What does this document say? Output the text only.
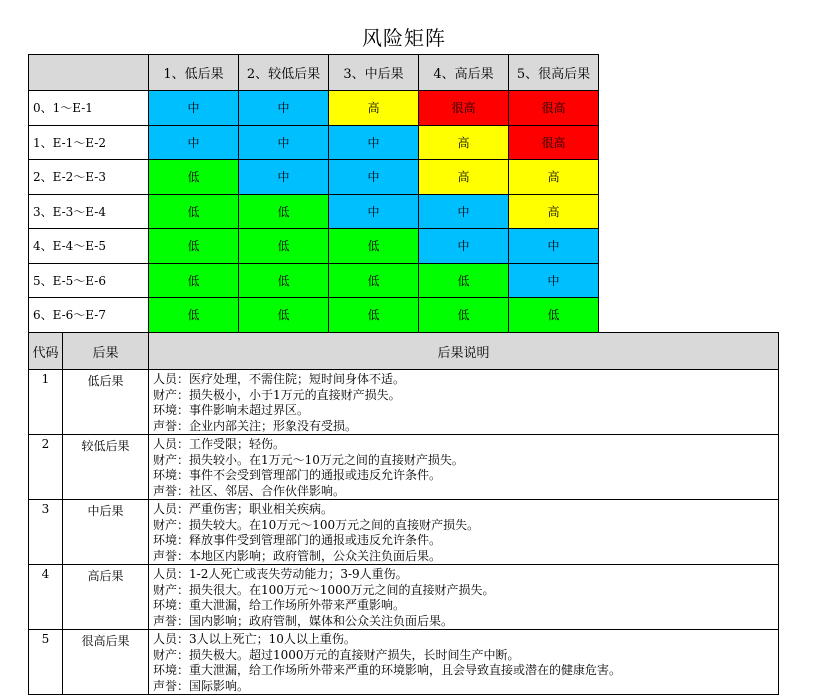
风险矩阵
	1、低后果	2、较低后果	3、中后果	4、高后果	5、很高后果
0、1～E-1	中	中	高	很高	很高
1、E-1～E-2	中	中	中	高	很高
2、E-2～E-3	低	中	中	高	高
3、E-3～E-4	低	低	中	中	高
4、E-4～E-5	低	低	低	中	中
5、E-5～E-6	低	低	低	低	中
6、E-6～E-7	低	低	低	低	低
代码	后果	后果说明
1	低后果	人员：医疗处理，不需住院；短时间身体不适。
财产：损失极小，小于1万元的直接财产损失。
环境：事件影响未超过界区。
声誉：企业内部关注；形象没有受损。

2	较低后果	人员：工作受限；轻伤。
财产：损失较小。在1万元～10万元之间的直接财产损失。
环境：事件不会受到管理部门的通报或违反允许条件。
声誉：社区、邻居、合作伙伴影响。

3	中后果	人员：严重伤害；职业相关疾病。
财产：损失较大。在10万元～100万元之间的直接财产损失。
环境：释放事件受到管理部门的通报或违反允许条件。
声誉：本地区内影响；政府管制，公众关注负面后果。

4	高后果	人员：1-2人死亡或丧失劳动能力；3-9人重伤。
财产：损失很大。在100万元～1000万元之间的直接财产损失。
环境：重大泄漏，给工作场所外带来严重影响。
声誉：国内影响；政府管制，媒体和公众关注负面后果。

5	很高后果	人员：3人以上死亡；10人以上重伤。
财产：损失极大。超过1000万元的直接财产损失，长时间生产中断。
环境：重大泄漏，给工作场所外带来严重的环境影响，且会导致直接或潜在的健康危害。
声誉：国际影响。
